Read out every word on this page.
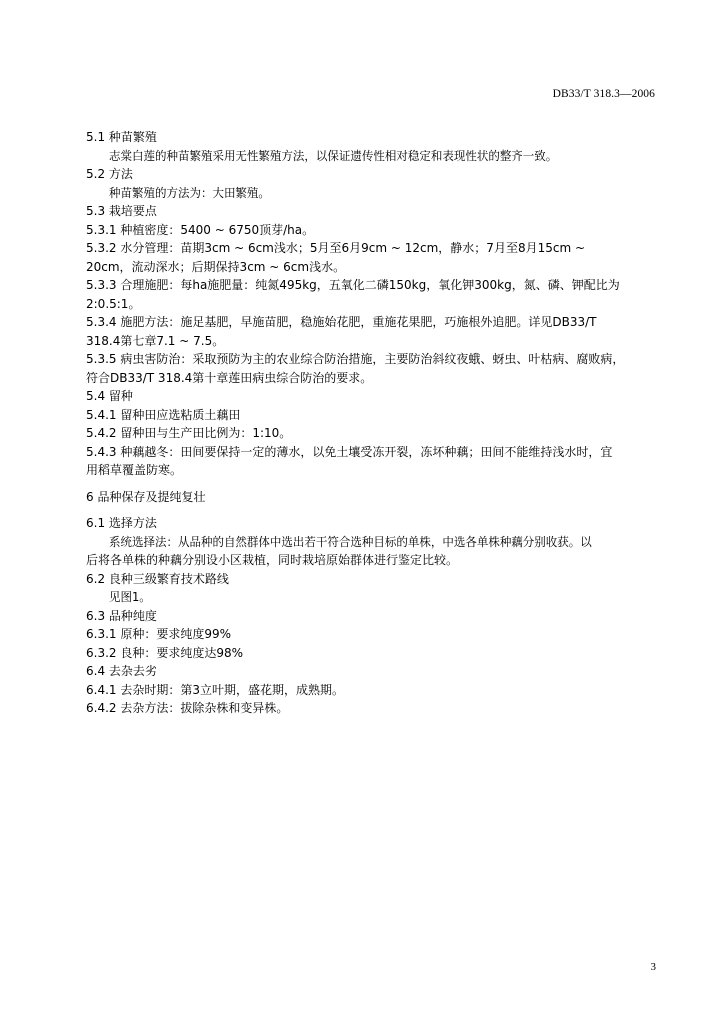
DB33/T 318.3—2006
5.1 种苗繁殖
志棠白莲的种苗繁殖采用无性繁殖方法，以保证遗传性相对稳定和表现性状的整齐一致。
5.2 方法
种苗繁殖的方法为：大田繁殖。
5.3 栽培要点
5.3.1 种植密度：5400 ~ 6750顶芽/ha。
5.3.2 水分管理：苗期3cm ~ 6cm浅水；5月至6月9cm ~ 12cm，静水；7月至8月15cm ~
20cm，流动深水；后期保持3cm ~ 6cm浅水。
5.3.3 合理施肥：每ha施肥量：纯氮495kg，五氧化二磷150kg，氧化钾300kg，氮、磷、钾配比为
2:0.5:1。
5.3.4 施肥方法：施足基肥，早施苗肥，稳施始花肥，重施花果肥，巧施根外追肥。详见DB33/T
318.4第七章7.1 ~ 7.5。
5.3.5 病虫害防治：采取预防为主的农业综合防治措施，主要防治斜纹夜蛾、蚜虫、叶枯病、腐败病，
符合DB33/T 318.4第十章莲田病虫综合防治的要求。
5.4 留种
5.4.1 留种田应选粘质土藕田
5.4.2 留种田与生产田比例为：1:10。
5.4.3 种藕越冬：田间要保持一定的薄水，以免土壤受冻开裂，冻坏种藕；田间不能维持浅水时，宜
用稻草覆盖防寒。
6 品种保存及提纯复壮
6.1 选择方法
系统选择法：从品种的自然群体中选出若干符合选种目标的单株，中选各单株种藕分别收获。以
后将各单株的种藕分别设小区栽植，同时栽培原始群体进行鉴定比较。
6.2 良种三级繁育技术路线
见图1。
6.3 品种纯度
6.3.1 原种：要求纯度99%
6.3.2 良种：要求纯度达98%
6.4 去杂去劣
6.4.1 去杂时期：第3立叶期，盛花期，成熟期。
6.4.2 去杂方法：拔除杂株和变异株。
3
